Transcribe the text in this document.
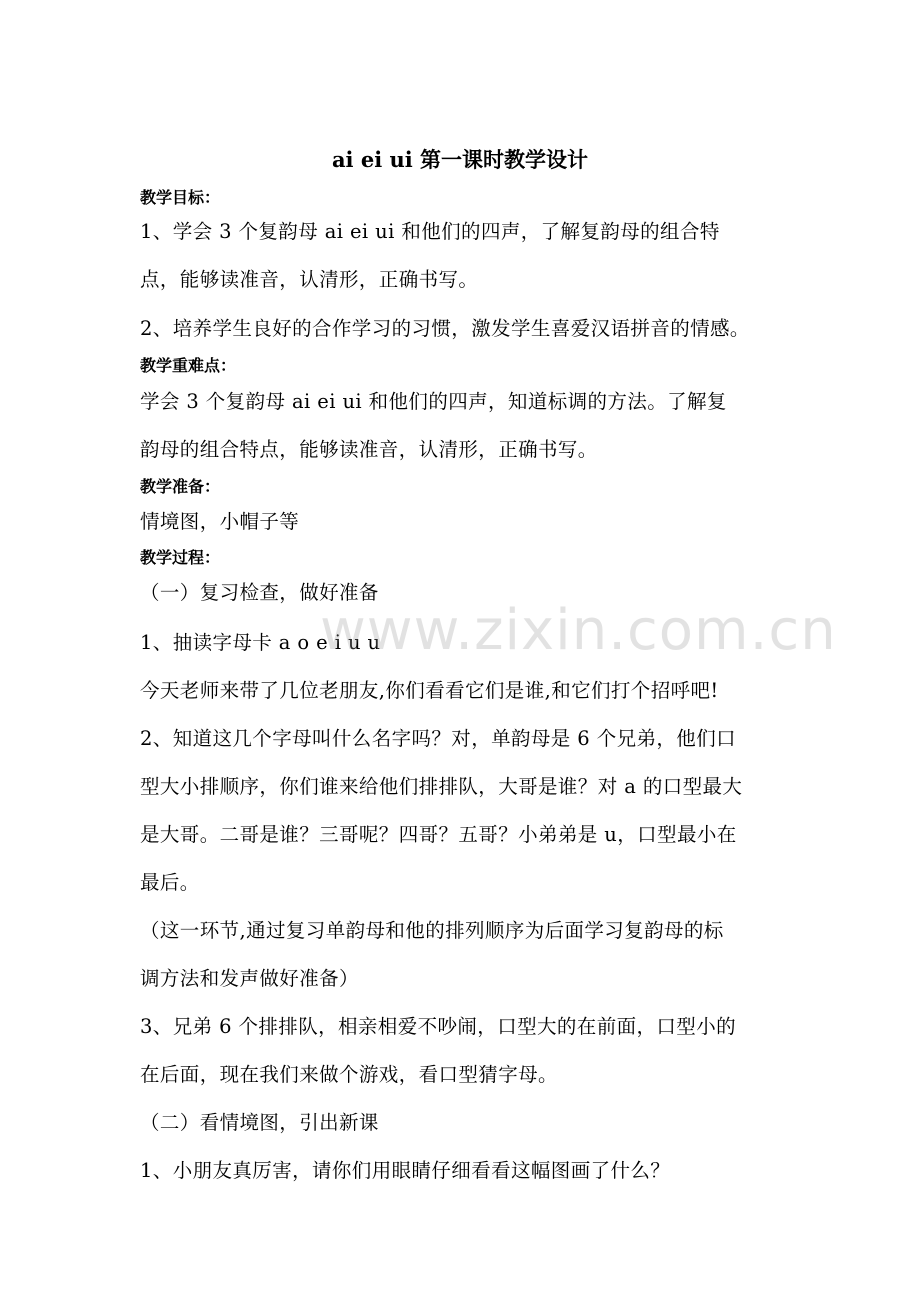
ai ei ui 第一课时教学设计
教学目标：
1、学会 3 个复韵母 ai ei ui 和他们的四声，了解复韵母的组合特
点，能够读准音，认清形，正确书写。
2、培养学生良好的合作学习的习惯，激发学生喜爱汉语拼音的情感。
教学重难点：
学会 3 个复韵母 ai ei ui 和他们的四声，知道标调的方法。了解复
韵母的组合特点，能够读准音，认清形，正确书写。
教学准备：
情境图，小帽子等
教学过程：
（一）复习检查，做好准备
1、抽读字母卡 a o e i u u
今天老师来带了几位老朋友,你们看看它们是谁,和它们打个招呼吧!
2、知道这几个字母叫什么名字吗？对，单韵母是 6 个兄弟，他们口
型大小排顺序，你们谁来给他们排排队，大哥是谁？对 a 的口型最大
是大哥。二哥是谁？三哥呢？四哥？五哥？小弟弟是 u，口型最小在
最后。
（这一环节,通过复习单韵母和他的排列顺序为后面学习复韵母的标
调方法和发声做好准备）
3、兄弟 6 个排排队，相亲相爱不吵闹，口型大的在前面，口型小的
在后面，现在我们来做个游戏，看口型猜字母。
（二）看情境图，引出新课
1、小朋友真厉害，请你们用眼睛仔细看看这幅图画了什么？
www.zixin.com.cn
